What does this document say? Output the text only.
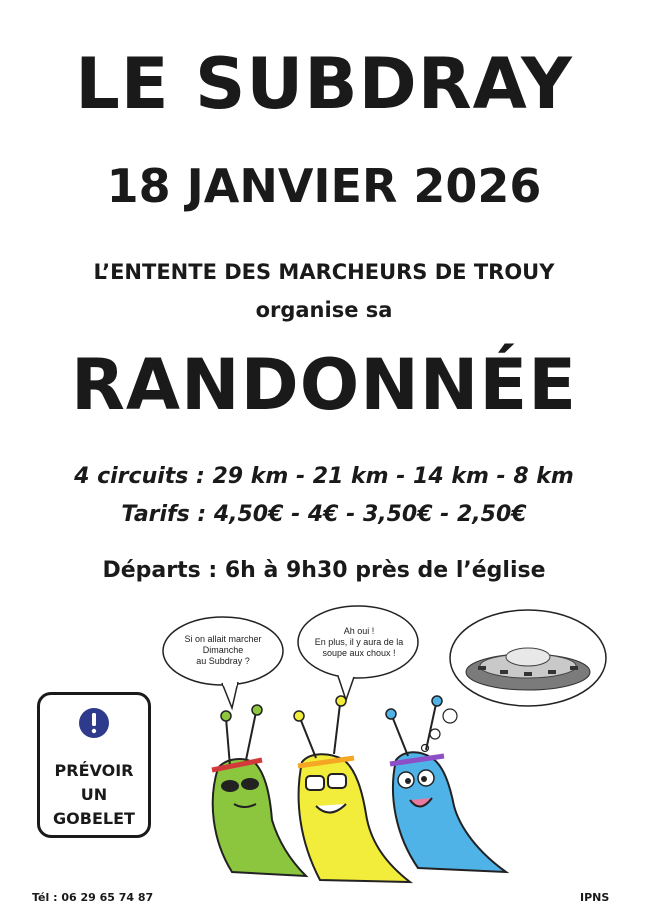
LE SUBDRAY
18 JANVIER 2026
L’ENTENTE DES MARCHEURS DE TROUY
organise sa
RANDONNÉE
4 circuits : 29 km - 21 km - 14 km - 8 km
Tarifs : 4,50€ - 4€ - 3,50€ - 2,50€
Départs : 6h à 9h30 près de l’église
Si on allait marcher
Dimanche
au Subdray ?
Ah oui !
En plus, il y aura de la
soupe aux choux !
PRÉVOIR
UN
GOBELET
Tél : 06 29 65 74 87	IPNS
